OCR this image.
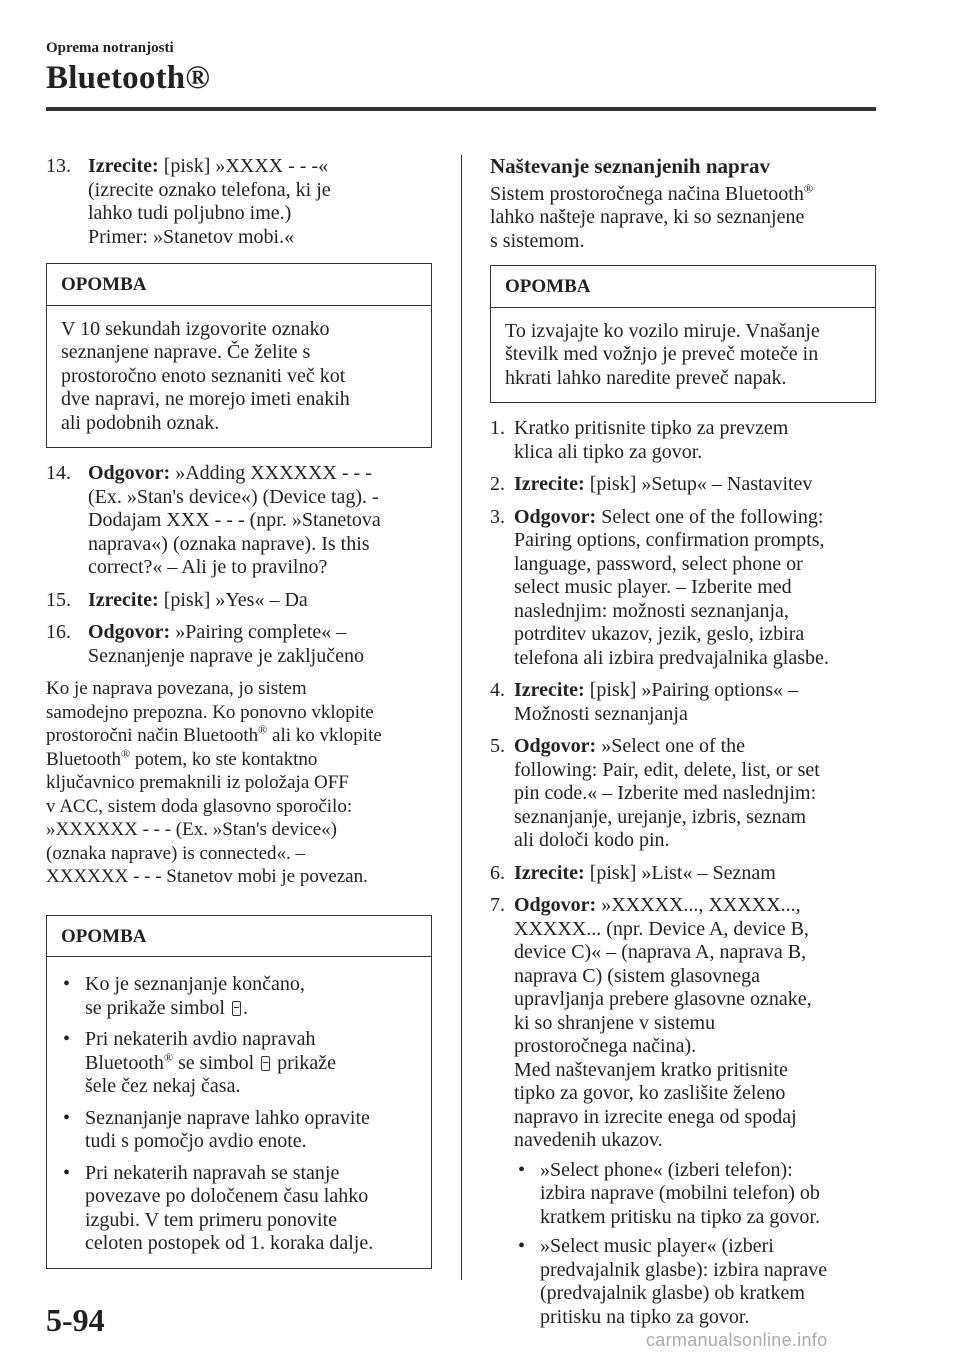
Oprema notranjosti
Bluetooth®
13. Izrecite: [pisk] »XXXX - - -«
(izrecite oznako telefona, ki je
lahko tudi poljubno ime.)
Primer: »Stanetov mobi.«
OPOMBA
V 10 sekundah izgovorite oznako
seznanjene naprave. Če želite s
prostoročno enoto seznaniti več kot
dve napravi, ne morejo imeti enakih
ali podobnih oznak.
14. Odgovor: »Adding XXXXXX - - -
(Ex. »Stan's device«) (Device tag). -
Dodajam XXX - - - (npr. »Stanetova
naprava«) (oznaka naprave). Is this
correct?« – Ali je to pravilno?
15. Izrecite: [pisk] »Yes« – Da
16. Odgovor: »Pairing complete« –
Seznanjenje naprave je zaključeno
Ko je naprava povezana, jo sistem
samodejno prepozna. Ko ponovno vklopite
prostoročni način Bluetooth® ali ko vklopite
Bluetooth® potem, ko ste kontaktno
ključavnico premaknili iz položaja OFF
v ACC, sistem doda glasovno sporočilo:
»XXXXXX - - - (Ex. »Stan's device«)
(oznaka naprave) is connected«. –
XXXXXX - - - Stanetov mobi je povezan.
OPOMBA
• Ko je seznanjanje končano,
se prikaže simbol .
• Pri nekaterih avdio napravah
Bluetooth® se simbol  prikaže
šele čez nekaj časa.
• Seznanjanje naprave lahko opravite
tudi s pomočjo avdio enote.
• Pri nekaterih napravah se stanje
povezave po določenem času lahko
izgubi. V tem primeru ponovite
celoten postopek od 1. koraka dalje.
Naštevanje seznanjenih naprav
Sistem prostoročnega načina Bluetooth®
lahko našteje naprave, ki so seznanjene
s sistemom.
OPOMBA
To izvajajte ko vozilo miruje. Vnašanje
številk med vožnjo je preveč moteče in
hkrati lahko naredite preveč napak.
1. Kratko pritisnite tipko za prevzem
klica ali tipko za govor.
2. Izrecite: [pisk] »Setup« – Nastavitev
3. Odgovor: Select one of the following:
Pairing options, confirmation prompts,
language, password, select phone or
select music player. – Izberite med
naslednjim: možnosti seznanjanja,
potrditev ukazov, jezik, geslo, izbira
telefona ali izbira predvajalnika glasbe.
4. Izrecite: [pisk] »Pairing options« –
Možnosti seznanjanja
5. Odgovor: »Select one of the
following: Pair, edit, delete, list, or set
pin code.« – Izberite med naslednjim:
seznanjanje, urejanje, izbris, seznam
ali določi kodo pin.
6. Izrecite: [pisk] »List« – Seznam
7. Odgovor: »XXXXX..., XXXXX...,
XXXXX... (npr. Device A, device B,
device C)« – (naprava A, naprava B,
naprava C) (sistem glasovnega
upravljanja prebere glasovne oznake,
ki so shranjene v sistemu
prostoročnega načina).
Med naštevanjem kratko pritisnite
tipko za govor, ko zaslišite želeno
napravo in izrecite enega od spodaj
navedenih ukazov.
• »Select phone« (izberi telefon):
izbira naprave (mobilni telefon) ob
kratkem pritisku na tipko za govor.
• »Select music player« (izberi
predvajalnik glasbe): izbira naprave
(predvajalnik glasbe) ob kratkem
pritisku na tipko za govor.
5-94
carmanualsonline.info
